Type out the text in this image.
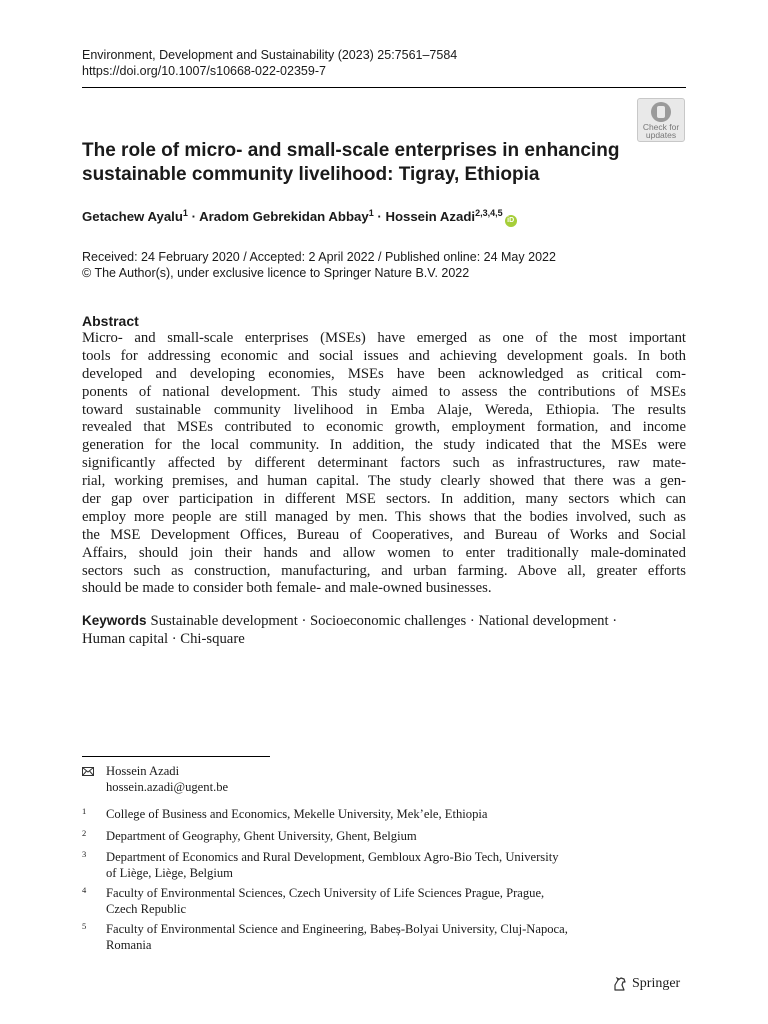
Environment, Development and Sustainability (2023) 25:7561–7584
https://doi.org/10.1007/s10668-022-02359-7
Check for
updates
The role of micro- and small-scale enterprises in enhancing
sustainable community livelihood: Tigray, Ethiopia
Getachew Ayalu$^1$ · Aradom Gebrekidan Abbay$^1$ · Hossein Azadi$^{2,3,4,5}$iD
Received: 24 February 2020 / Accepted: 2 April 2022 / Published online: 24 May 2022
© The Author(s), under exclusive licence to Springer Nature B.V. 2022
Abstract
Micro- and small-scale enterprises (MSEs) have emerged as one of the most important
tools for addressing economic and social issues and achieving development goals. In both
developed and developing economies, MSEs have been acknowledged as critical com-
ponents of national development. This study aimed to assess the contributions of MSEs
toward sustainable community livelihood in Emba Alaje, Wereda, Ethiopia. The results
revealed that MSEs contributed to economic growth, employment formation, and income
generation for the local community. In addition, the study indicated that the MSEs were
significantly affected by different determinant factors such as infrastructures, raw mate-
rial, working premises, and human capital. The study clearly showed that there was a gen-
der gap over participation in different MSE sectors. In addition, many sectors which can
employ more people are still managed by men. This shows that the bodies involved, such as
the MSE Development Offices, Bureau of Cooperatives, and Bureau of Works and Social
Affairs, should join their hands and allow women to enter traditionally male-dominated
sectors such as construction, manufacturing, and urban farming. Above all, greater efforts
should be made to consider both female- and male-owned businesses.
Keywords Sustainable development · Socioeconomic challenges · National development ·
Human capital · Chi-square
Hossein Azadi
hossein.azadi@ugent.be
1 College of Business and Economics, Mekelle University, Mek’ele, Ethiopia
2 Department of Geography, Ghent University, Ghent, Belgium
3 Department of Economics and Rural Development, Gembloux Agro-Bio Tech, University
of Liège, Liège, Belgium
4 Faculty of Environmental Sciences, Czech University of Life Sciences Prague, Prague,
Czech Republic
5 Faculty of Environmental Science and Engineering, Babeș-Bolyai University, Cluj-Napoca,
Romania
Springer
